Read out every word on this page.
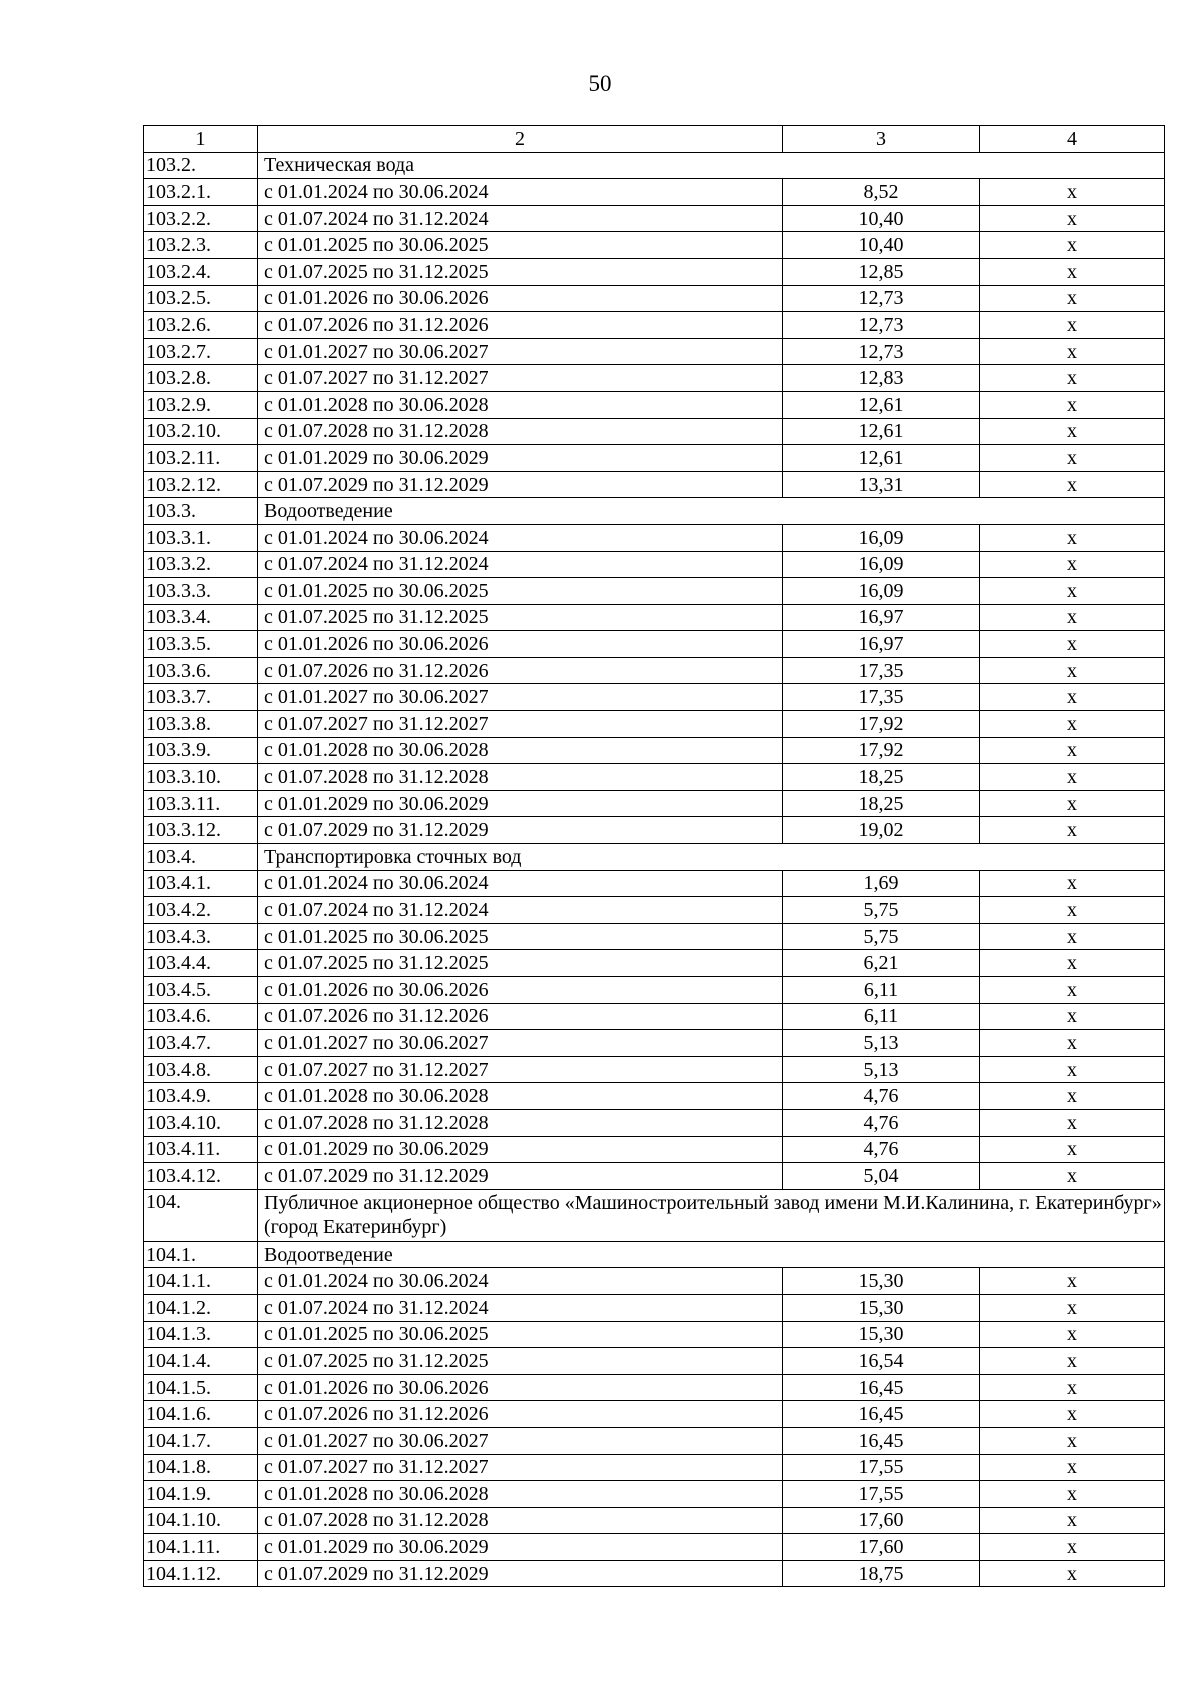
50
1	2	3	4
103.2.	Техническая вода		
103.2.1.	с 01.01.2024 по 30.06.2024	8,52	x
103.2.2.	с 01.07.2024 по 31.12.2024	10,40	x
103.2.3.	с 01.01.2025 по 30.06.2025	10,40	x
103.2.4.	с 01.07.2025 по 31.12.2025	12,85	x
103.2.5.	с 01.01.2026 по 30.06.2026	12,73	x
103.2.6.	с 01.07.2026 по 31.12.2026	12,73	x
103.2.7.	с 01.01.2027 по 30.06.2027	12,73	x
103.2.8.	с 01.07.2027 по 31.12.2027	12,83	x
103.2.9.	с 01.01.2028 по 30.06.2028	12,61	x
103.2.10.	с 01.07.2028 по 31.12.2028	12,61	x
103.2.11.	с 01.01.2029 по 30.06.2029	12,61	x
103.2.12.	с 01.07.2029 по 31.12.2029	13,31	x
103.3.	Водоотведение		
103.3.1.	с 01.01.2024 по 30.06.2024	16,09	x
103.3.2.	с 01.07.2024 по 31.12.2024	16,09	x
103.3.3.	с 01.01.2025 по 30.06.2025	16,09	x
103.3.4.	с 01.07.2025 по 31.12.2025	16,97	x
103.3.5.	с 01.01.2026 по 30.06.2026	16,97	x
103.3.6.	с 01.07.2026 по 31.12.2026	17,35	x
103.3.7.	с 01.01.2027 по 30.06.2027	17,35	x
103.3.8.	с 01.07.2027 по 31.12.2027	17,92	x
103.3.9.	с 01.01.2028 по 30.06.2028	17,92	x
103.3.10.	с 01.07.2028 по 31.12.2028	18,25	x
103.3.11.	с 01.01.2029 по 30.06.2029	18,25	x
103.3.12.	с 01.07.2029 по 31.12.2029	19,02	x
103.4.	Транспортировка сточных вод		
103.4.1.	с 01.01.2024 по 30.06.2024	1,69	x
103.4.2.	с 01.07.2024 по 31.12.2024	5,75	x
103.4.3.	с 01.01.2025 по 30.06.2025	5,75	x
103.4.4.	с 01.07.2025 по 31.12.2025	6,21	x
103.4.5.	с 01.01.2026 по 30.06.2026	6,11	x
103.4.6.	с 01.07.2026 по 31.12.2026	6,11	x
103.4.7.	с 01.01.2027 по 30.06.2027	5,13	x
103.4.8.	с 01.07.2027 по 31.12.2027	5,13	x
103.4.9.	с 01.01.2028 по 30.06.2028	4,76	x
103.4.10.	с 01.07.2028 по 31.12.2028	4,76	x
103.4.11.	с 01.01.2029 по 30.06.2029	4,76	x
103.4.12.	с 01.07.2029 по 31.12.2029	5,04	x
104.	Публичное акционерное общество «Машиностроительный завод имени М.И.Калинина, г. Екатеринбург» (город Екатеринбург)		
104.1.	Водоотведение		
104.1.1.	с 01.01.2024 по 30.06.2024	15,30	x
104.1.2.	с 01.07.2024 по 31.12.2024	15,30	x
104.1.3.	с 01.01.2025 по 30.06.2025	15,30	x
104.1.4.	с 01.07.2025 по 31.12.2025	16,54	x
104.1.5.	с 01.01.2026 по 30.06.2026	16,45	x
104.1.6.	с 01.07.2026 по 31.12.2026	16,45	x
104.1.7.	с 01.01.2027 по 30.06.2027	16,45	x
104.1.8.	с 01.07.2027 по 31.12.2027	17,55	x
104.1.9.	с 01.01.2028 по 30.06.2028	17,55	x
104.1.10.	с 01.07.2028 по 31.12.2028	17,60	x
104.1.11.	с 01.01.2029 по 30.06.2029	17,60	x
104.1.12.	с 01.07.2029 по 31.12.2029	18,75	x
